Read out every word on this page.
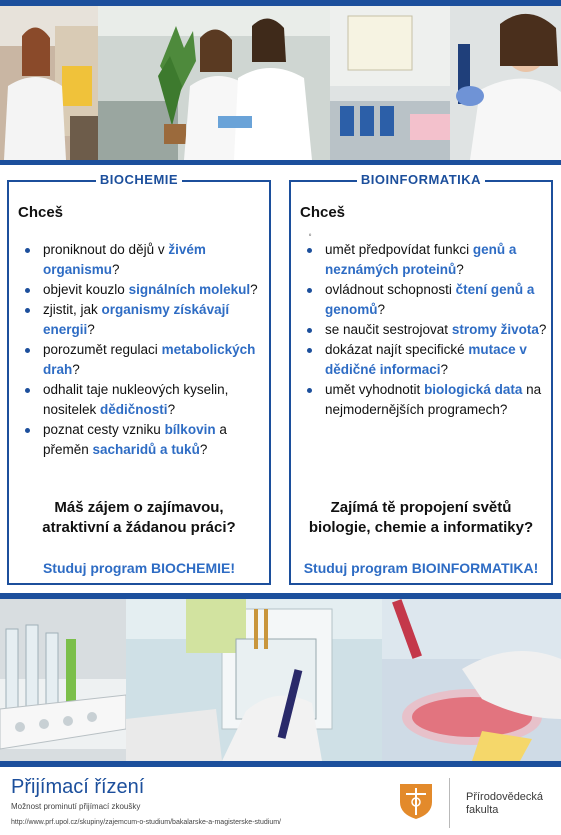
BIOCHEMIE
Chceš
proniknout do dějů v živém organismu?
objevit kouzlo signálních molekul?
zjistit, jak organismy získávají energii?
porozumět regulaci metabolických drah?
odhalit taje nukleových kyselin, nositelek dědičnosti?
poznat cesty vzniku bílkovin a přeměn sacharidů a tuků?
Máš zájem o zajímavou,
atraktivní a žádanou práci?
Studuj program BIOCHEMIE!
BIOINFORMATIKA
Chceš
º
umět předpovídat funkci genů a neznámých proteinů?
ovládnout schopnosti čtení genů a genomů?
se naučit sestrojovat stromy života?
dokázat najít specifické mutace v dědičné informaci?
umět vyhodnotit biologická data na nejmodernějších programech?
Zajímá tě propojení světů
biologie, chemie a informatiky?
Studuj program BIOINFORMATIKA!
Přijímací řízení
Možnost prominutí přijímací zkoušky
http://www.prf.upol.cz/skupiny/zajemcum-o-studium/bakalarske-a-magisterske-studium/
Přírodovědecká
fakulta
